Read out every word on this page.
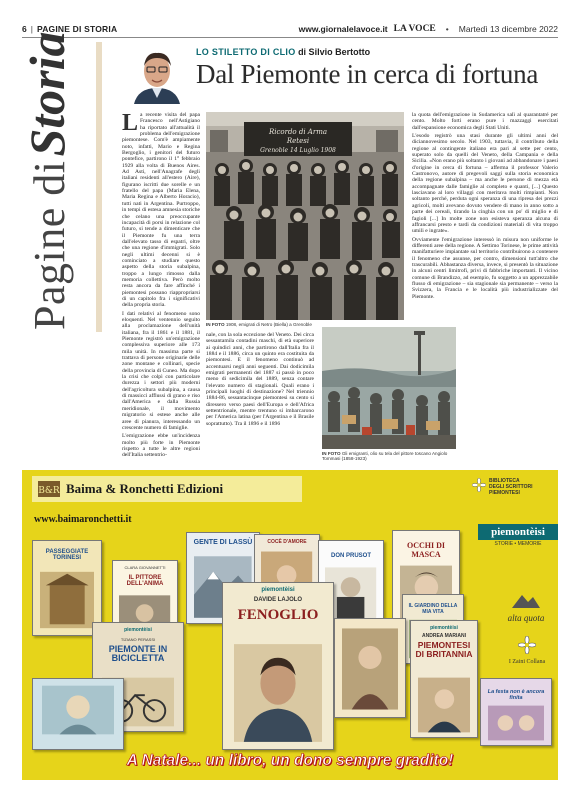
6 | PAGINE DI STORIA	www.giornalelavoce.it LA VOCE • Martedì 13 dicembre 2022
Pagine di Storia	LO STILETTO DI CLIO di Silvio Bertotto
Dal Piemonte in cerca di fortuna

La recente visita del papa Francesco nell'Astigiano ha riportato all'attualità il problema dell'emigrazione piemontese. Com'è ampiamente noto, infatti, Mario e Regina Bergoglio, i genitori del futuro pontefice, partirono il 1° febbraio 1929 alla volta di Buenos Aires. Ad Asti, nell'Anagrafe degli italiani residenti all'estero (Aire), figurano iscritti due sorelle e un fratello del papa (Maria Elena, Maria Regina e Alberto Horacio), tutti nati in Argentina. Purtroppo, in tempi di estesa amnesia storiche che celano una preoccupante incapacità di porsi in relazione col futuro, si tende a dimenticare che il Piemonte fu una terra dall'elevato tasso di espatri, oltre che una regione d'immigrati. Solo negli ultimi decenni si è cominciato a studiare questo aspetto della storia subalpina, troppo a lungo rimosso dalla memoria collettiva. Però molto resta ancora da fare affinché i piemontesi possano riappropriarsi di un capitolo fra i significativi della propria storia.

I dati relativi al fenomeno sono eloquenti. Nel ventennio seguito alla proclamazione dell'unità italiana, fra il 1861 e il 1881, il Piemonte registrò un'emigrazione complessiva superiore alle 173 mila unità. In massima parte si trattava di persone originarie delle zone montane e collinari, specie della provincia di Cuneo. Ma dopo la crisi che colpì con particolare durezza i settori più moderni dell'agricoltura subalpina, a causa di massicci afflussi di grano e riso dall'America e dalla Russia meridionale, il movimento migratorio si estese anche alle aree di pianura, interessando un crescente numero di famiglie.

L'emigrazione ebbe un'incidenza molto più forte in Piemonte rispetto a tutte le altre regioni dell'Italia settentrio-

Ricordo di Arma
Retesi
Grenoble 14 Luglio 1908
IN FOTO 1908, emigrati di Netro (Biella) a Grenoble

nale, con la sola eccezione del Veneto. Dei circa sessantamila contadini maschi, di età superiore ai quindici anni, che partirono dall'Italia fra il 1884 e il 1886, circa un quinto era costituita da piemontesi. E il fenomeno continuò ad accentuarsi negli anni seguenti. Dai dodicimila emigrati permanenti del 1887 si passò in poco meno di sedicimila del 1889, senza contare l'elevato numero di stagionali. Quali erano i principali luoghi di destinazione? Nel triennio 1884-86, sessantacinque piemontesi su cento si diressero verso paesi dell'Europa e dell'Africa settentrionale, mentre trentuno si imbarcarono per l'America latina (per l'Argentina e il Brasile soprattutto). Tra il 1896 e il 1896

IN FOTO Gli emigranti, olio su tela del pittore toscano Angiolo Tommasi (1858-1923)

la quota dell'emigrazione in Sudamerica salì al quarantatré per cento. Molto forti erano pure i mazzaggi esercitati dall'espansione economica degli Stati Uniti.

L'esodo registrò una stasi durante gli ultimi anni del diciannovesimo secolo. Nel 1903, tuttavia, il contributo della regione al contingente italiano era pari al sette per cento, superato solo da quelli del Veneto, della Campania e della Sicilia. «Non erano più soltanto i giovani ad abbandonare i paesi d'origine in cerca di fortuna – afferma il professor Valerio Castronovo, autore di pregevoli saggi sulla storia economica della regione subalpina – ma anche le persone di mezza età accompagnate dalle famiglie al completo e quanti, [...] Questo lasciavano al loro villaggi con meritava molti rimpianti. Non soltanto perché, perduta ogni speranza di una ripresa dei prezzi agricoli, molti avevano dovuto vendere di mano in anno sotto a parte dei cereali, tirando la cinghia con un po' di miglio e di fagioli [...] In molte zone non esisteva speranza alcuna di affrancarsi presto e tardi da condizioni materiali di vita troppo umili e ingrate».

Ovviamente l'emigrazione interessò in misura non uniforme le differenti aree della regione. A Settimo Torinese, le prime attività manifatturiere impiantate sul territorio contribuirono a contenere il fenomeno che assunse, per contro, dimensioni tutt'altro che trascurabili. Abbastanza diversa, invece, si presentò la situazione in alcuni centri limitrofi, privi di fabbriche importanti. Il vicino comune di Brandizzo, ad esempio, fu soggetto a un apprezzabile flusso di emigrazione – sia stagionale sia permanente – verso la Svizzera, la Francia e le località più industrializzate del Piemonte.

B&R Baima & Ronchetti Edizioni
www.baimaronchetti.it
BIBLIOTECA
DEGLI SCRITTORI
PIEMONTESI
PASSEGGIATE TORINESI
CLARA GIOVANNETTI
IL PITTORE DELL'ANIMA
GENTE DI LASSÙ
piemontèisi
TIZIANO PERASSI
PIEMONTE IN BICICLETTA
COCÈ D'AMORE
DON PRUSOT
OCCHI DI MASCA
IL GIARDINO DELLA MIA VITA
piemontèisi
DAVIDE LAJOLO
FENOGLIO
piemontèisi
ANDREA MARIANI
PIEMONTESI DI BRITANNIA
La festa non è ancora finita
piemontèisi
STORIE • MEMORIE
alta quota
I Zaini Collana
A Natale... un libro, un dono sempre gradito!
